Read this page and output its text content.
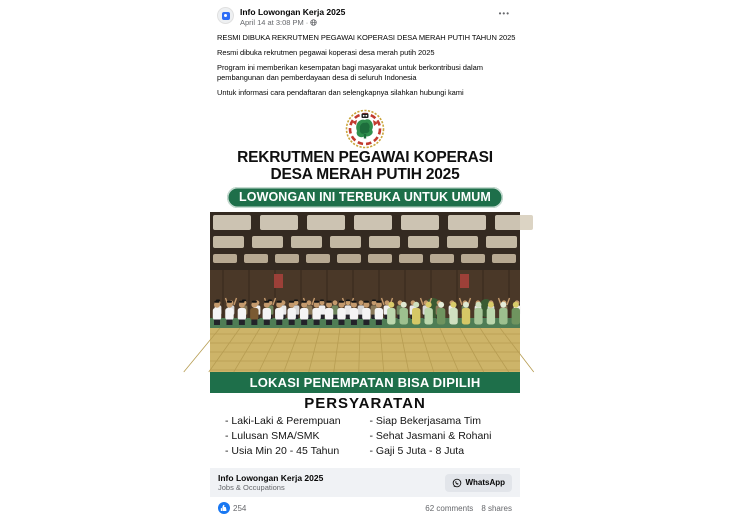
Info Lowongan Kerja 2025
April 14 at 3:08 PM ·
•••

RESMI DIBUKA REKRUTMEN PEGAWAI KOPERASI DESA MERAH PUTIH TAHUN 2025

Resmi dibuka rekrutmen pegawai koperasi desa merah putih 2025

Program ini memberikan kesempatan bagi masyarakat untuk berkontribusi dalam pembangunan dan pemberdayaan desa di seluruh Indonesia

Untuk informasi cara pendaftaran dan selengkapnya silahkan hubungi kami

REKRUTMEN PEGAWAI KOPERASI
DESA MERAH PUTIH 2025
LOWONGAN INI TERBUKA UNTUK UMUM
LOKASI PENEMPATAN BISA DIPILIH
PERSYARATAN
- Laki-Laki & Perempuan
- Lulusan SMA/SMK
- Usia Min 20 - 45 Tahun
- Siap Bekerjasama Tim
- Sehat Jasmani & Rohani
- Gaji 5 Juta - 8 Juta
Info Lowongan Kerja 2025
Jobs & Occupations
WhatsApp
254	62 comments 8 shares
